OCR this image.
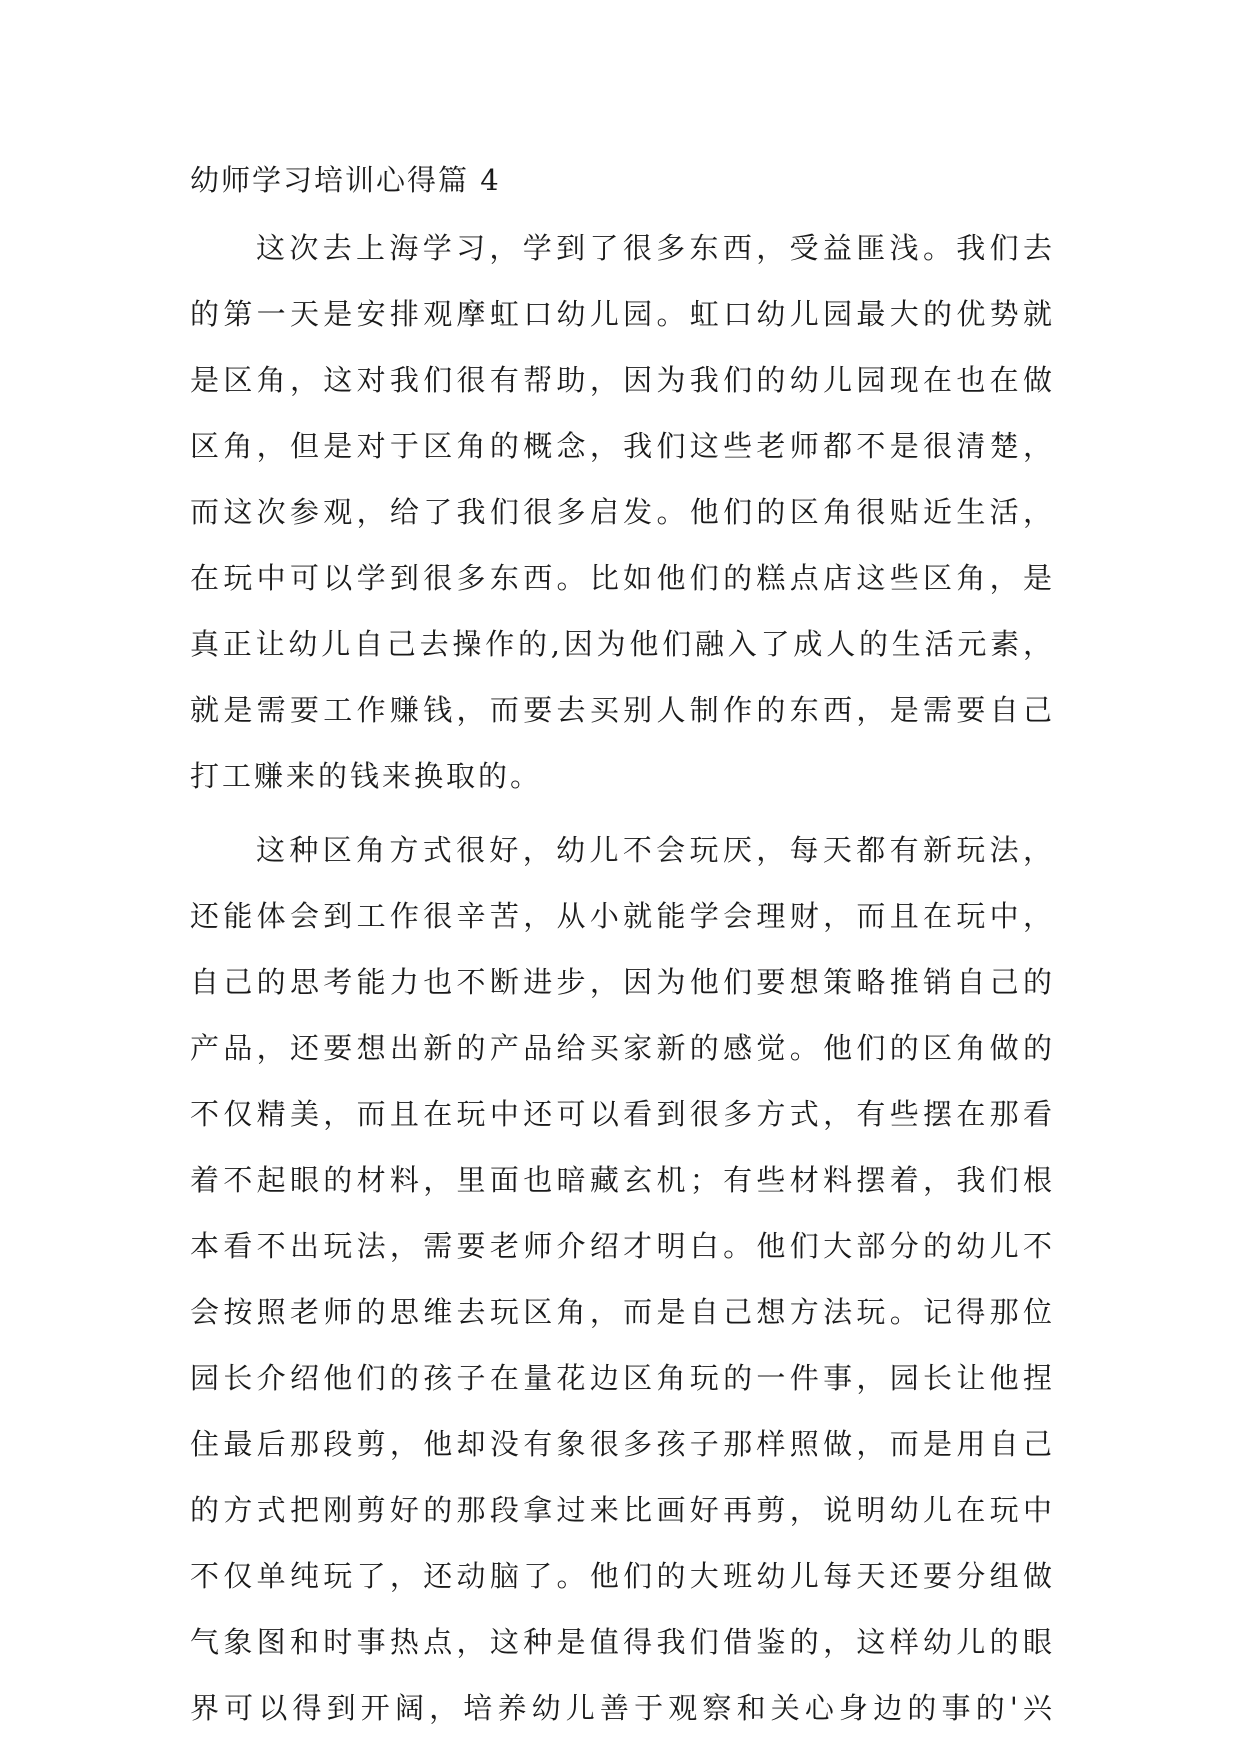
幼师学习培训心得篇 4
这次去上海学习，学到了很多东西，受益匪浅。我们去
的第一天是安排观摩虹口幼儿园。虹口幼儿园最大的优势就
是区角，这对我们很有帮助，因为我们的幼儿园现在也在做
区角，但是对于区角的概念，我们这些老师都不是很清楚，
而这次参观，给了我们很多启发。他们的区角很贴近生活，
在玩中可以学到很多东西。比如他们的糕点店这些区角，是
真正让幼儿自己去操作的,因为他们融入了成人的生活元素，
就是需要工作赚钱，而要去买别人制作的东西，是需要自己
打工赚来的钱来换取的。
这种区角方式很好，幼儿不会玩厌，每天都有新玩法，
还能体会到工作很辛苦，从小就能学会理财，而且在玩中，
自己的思考能力也不断进步，因为他们要想策略推销自己的
产品，还要想出新的产品给买家新的感觉。他们的区角做的
不仅精美，而且在玩中还可以看到很多方式，有些摆在那看
着不起眼的材料，里面也暗藏玄机；有些材料摆着，我们根
本看不出玩法，需要老师介绍才明白。他们大部分的幼儿不
会按照老师的思维去玩区角，而是自己想方法玩。记得那位
园长介绍他们的孩子在量花边区角玩的一件事，园长让他捏
住最后那段剪，他却没有象很多孩子那样照做，而是用自己
的方式把刚剪好的那段拿过来比画好再剪，说明幼儿在玩中
不仅单纯玩了，还动脑了。他们的大班幼儿每天还要分组做
气象图和时事热点，这种是值得我们借鉴的，这样幼儿的眼
界可以得到开阔，培养幼儿善于观察和关心身边的事的'兴
